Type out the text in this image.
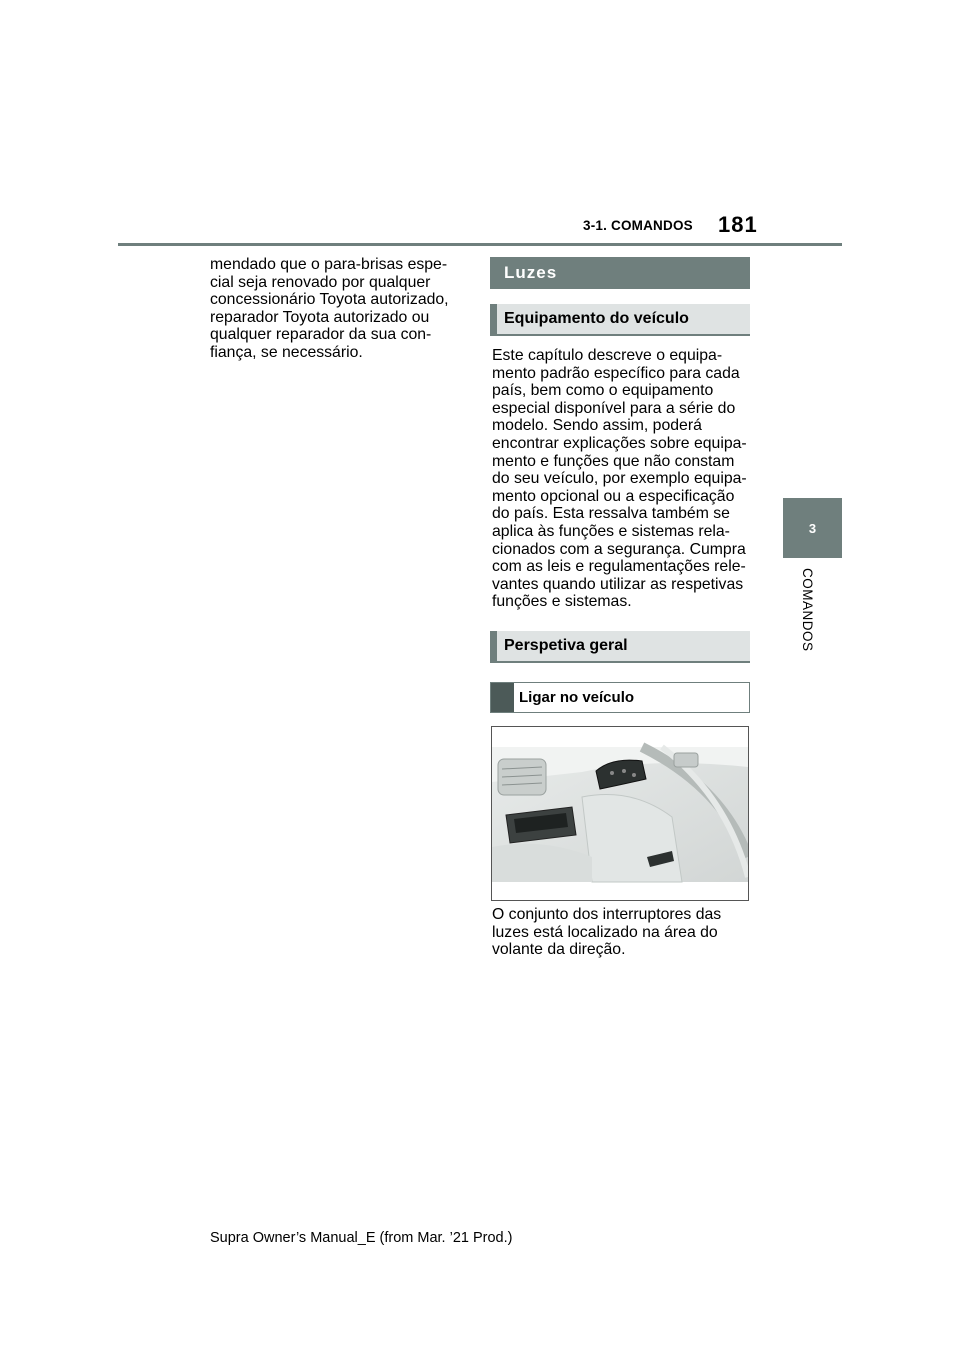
3-1. COMANDOS 181
3
COMANDOS
mendado que o para-brisas espe-
cial seja renovado por qualquer
concessionário Toyota autorizado,
reparador Toyota autorizado ou
qualquer reparador da sua con-
fiança, se necessário.
Luzes
Equipamento do veículo
Este capítulo descreve o equipa-
mento padrão específico para cada
país, bem como o equipamento
especial disponível para a série do
modelo. Sendo assim, poderá
encontrar explicações sobre equipa-
mento e funções que não constam
do seu veículo, por exemplo equipa-
mento opcional ou a especificação
do país. Esta ressalva também se
aplica às funções e sistemas rela-
cionados com a segurança. Cumpra
com as leis e regulamentações rele-
vantes quando utilizar as respetivas
funções e sistemas.
Perspetiva geral
Ligar no veículo
O conjunto dos interruptores das
luzes está localizado na área do
volante da direção.
Supra Owner’s Manual_E (from Mar. ’21 Prod.)
